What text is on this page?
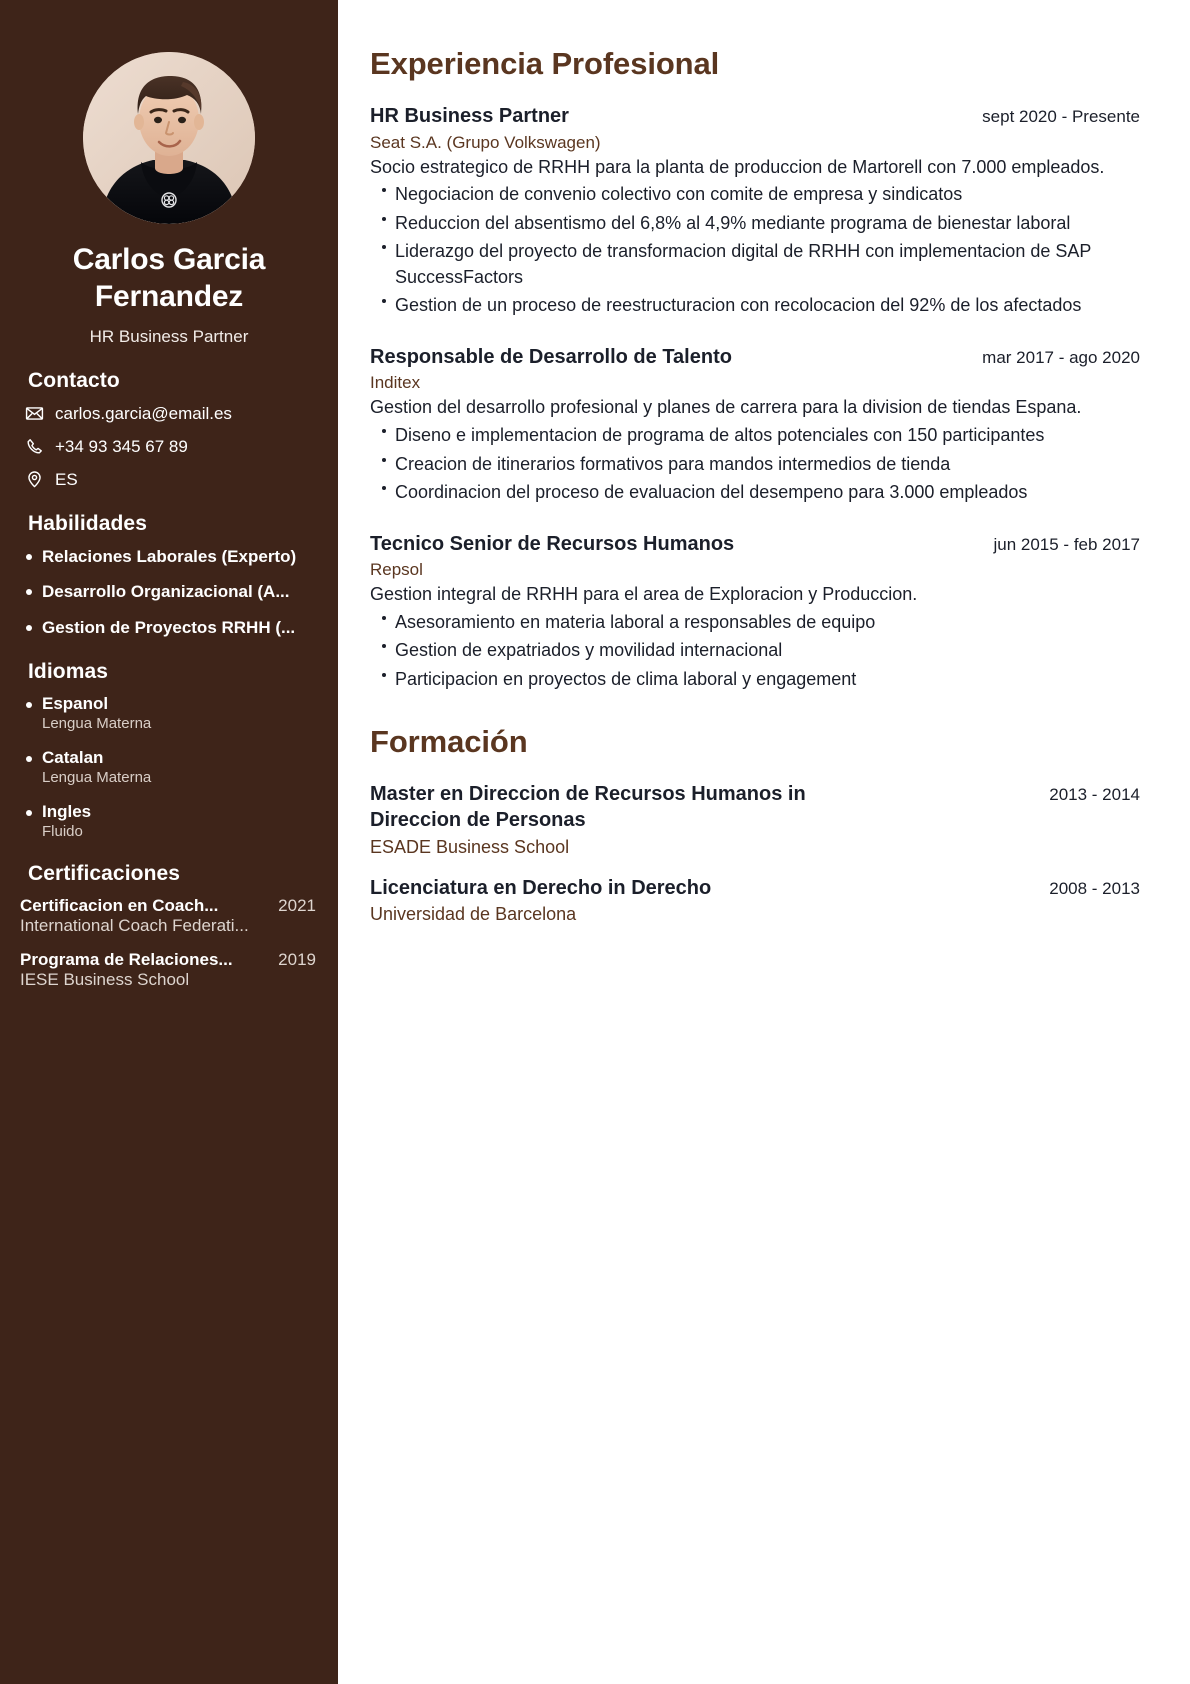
Carlos Garcia Fernandez
HR Business Partner
Contacto
carlos.garcia@email.es
+34 93 345 67 89
ES
Habilidades
Relaciones Laborales (Experto)
Desarrollo Organizacional (A...
Gestion de Proyectos RRHH (...
Idiomas
Espanol
Lengua Materna
Catalan
Lengua Materna
Ingles
Fluido
Certificaciones
Certificacion en Coach...	2021
International Coach Federati...
Programa de Relaciones...	2019
IESE Business School
Experiencia Profesional
HR Business Partner	sept 2020 - Presente
Seat S.A. (Grupo Volkswagen)
Socio estrategico de RRHH para la planta de produccion de Martorell con 7.000 empleados.
Negociacion de convenio colectivo con comite de empresa y sindicatos
Reduccion del absentismo del 6,8% al 4,9% mediante programa de bienestar laboral
Liderazgo del proyecto de transformacion digital de RRHH con implementacion de SAP SuccessFactors
Gestion de un proceso de reestructuracion con recolocacion del 92% de los afectados
Responsable de Desarrollo de Talento	mar 2017 - ago 2020
Inditex
Gestion del desarrollo profesional y planes de carrera para la division de tiendas Espana.
Diseno e implementacion de programa de altos potenciales con 150 participantes
Creacion de itinerarios formativos para mandos intermedios de tienda
Coordinacion del proceso de evaluacion del desempeno para 3.000 empleados
Tecnico Senior de Recursos Humanos	jun 2015 - feb 2017
Repsol
Gestion integral de RRHH para el area de Exploracion y Produccion.
Asesoramiento en materia laboral a responsables de equipo
Gestion de expatriados y movilidad internacional
Participacion en proyectos de clima laboral y engagement
Formación
Master en Direccion de Recursos Humanos in Direccion de Personas
2013 - 2014
ESADE Business School
Licenciatura en Derecho in Derecho	2008 - 2013
Universidad de Barcelona
